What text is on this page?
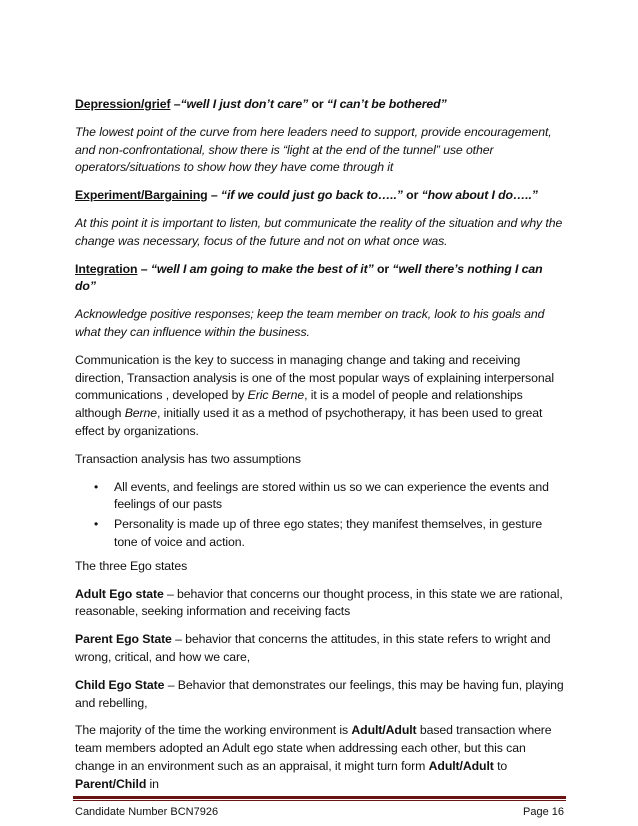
Depression/grief –“well I just don’t care” or “I can’t be bothered”

The lowest point of the curve from here leaders need to support, provide encouragement, and non-confrontational, show there is “light at the end of the tunnel” use other operators/situations to show how they have come through it

Experiment/Bargaining – “if we could just go back to…..” or “how about I do…..”

At this point it is important to listen, but communicate the reality of the situation and why the change was necessary, focus of the future and not on what once was.

Integration – “well I am going to make the best of it” or “well there’s nothing I can do”

Acknowledge positive responses; keep the team member on track, look to his goals and what they can influence within the business.

Communication is the key to success in managing change and taking and receiving direction, Transaction analysis is one of the most popular ways of explaining interpersonal communications , developed by Eric Berne, it is a model of people and relationships although Berne, initially used it as a method of psychotherapy, it has been used to great effect by organizations.

Transaction analysis has two assumptions

• All events, and feelings are stored within us so we can experience the events and feelings of our pasts
• Personality is made up of three ego states; they manifest themselves, in gesture tone of voice and action.

The three Ego states

Adult Ego state – behavior that concerns our thought process, in this state we are rational, reasonable, seeking information and receiving facts

Parent Ego State – behavior that concerns the attitudes, in this state refers to wright and wrong, critical, and how we care,

Child Ego State – Behavior that demonstrates our feelings, this may be having fun, playing and rebelling,

The majority of the time the working environment is Adult/Adult based transaction where team members adopted an Adult ego state when addressing each other, but this can change in an environment such as an appraisal, it might turn form Adult/Adult to Parent/Child in

Candidate Number BCN7926	Page 16
